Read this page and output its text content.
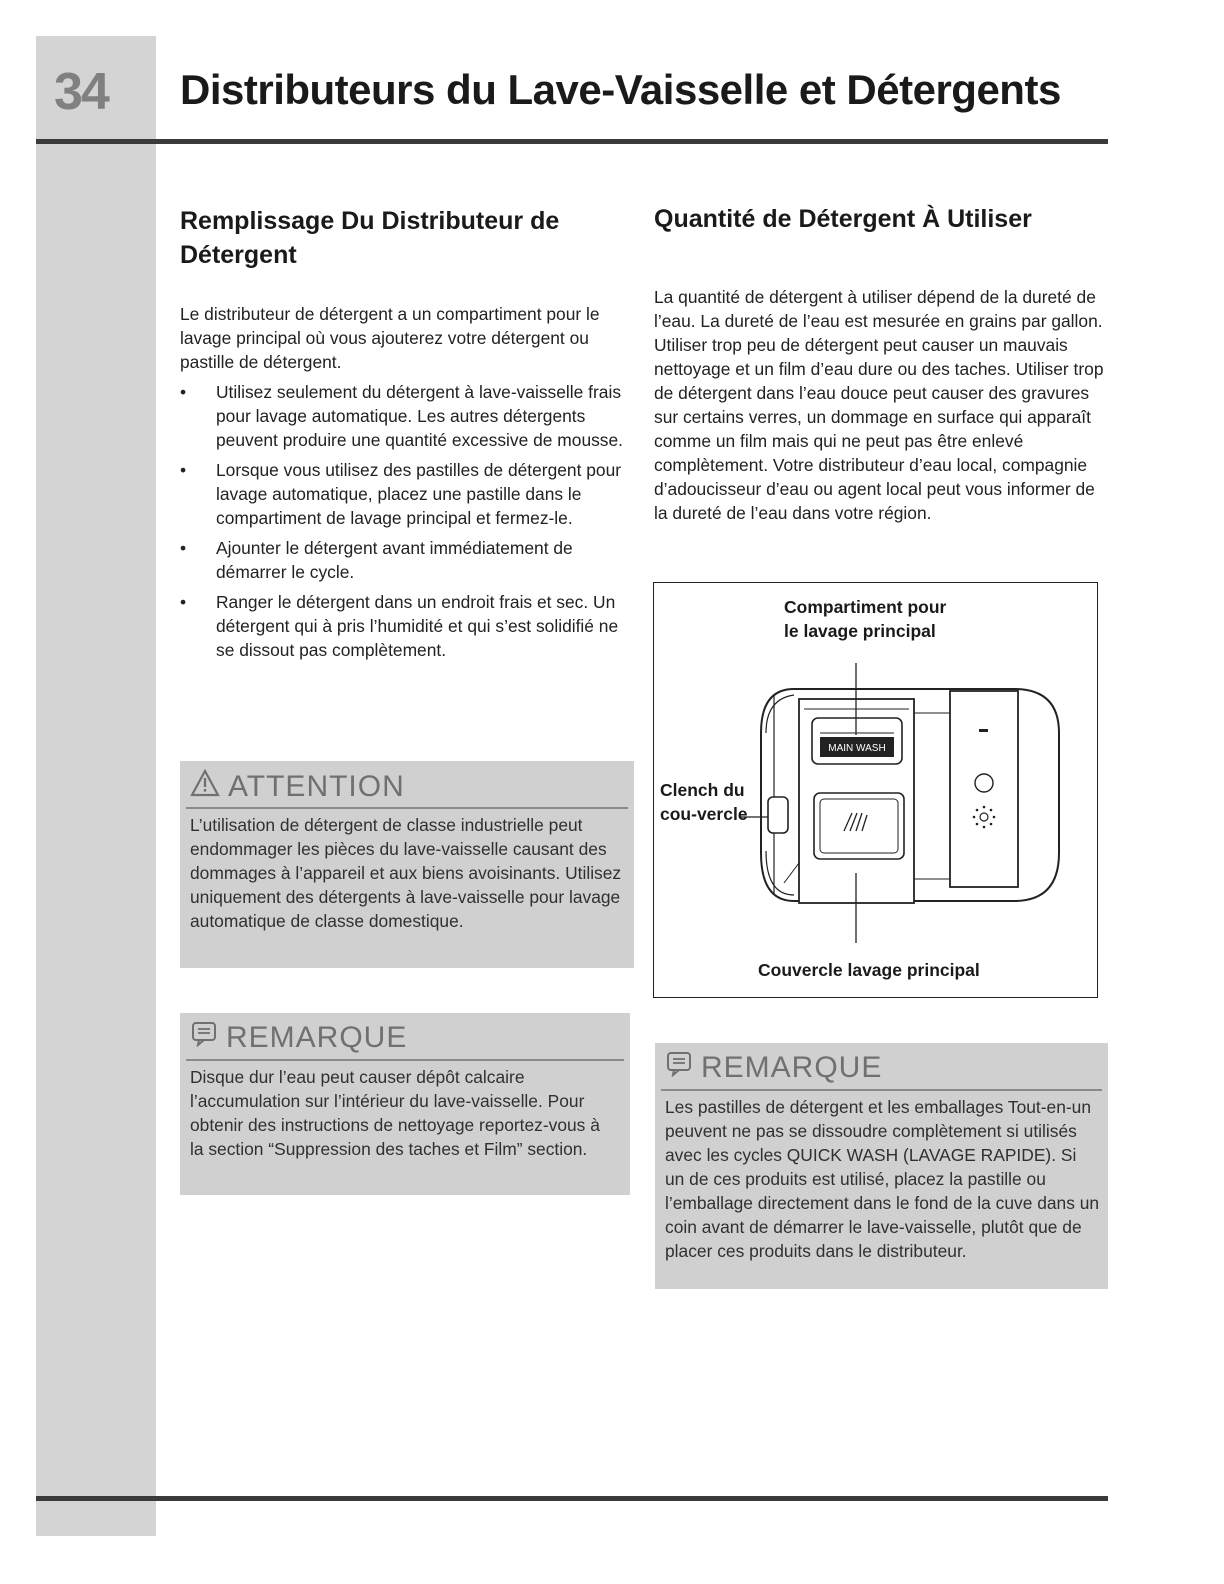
34 Distributeurs du Lave-Vaisselle et Détergents
Remplissage Du Distributeur de Détergent

Le distributeur de détergent a un compartiment pour le lavage principal où vous ajouterez votre détergent ou pastille de détergent.

• Utilisez seulement du détergent à lave-vaisselle frais pour lavage automatique. Les autres détergents peuvent produire une quantité excessive de mousse.
• Lorsque vous utilisez des pastilles de détergent pour lavage automatique, placez une pastille dans le compartiment de lavage principal et fermez-le.
• Ajounter le détergent avant immédiatement de démarrer le cycle.
• Ranger le détergent dans un endroit frais et sec. Un détergent qui à pris l’humidité et qui s’est solidifié ne se dissout pas complètement.
ATTENTION

L’utilisation de détergent de classe industrielle peut endommager les pièces du lave-vaisselle causant des dommages à l’appareil et aux biens avoisinants. Utilisez uniquement des détergents à lave-vaisselle pour lavage automatique de classe domestique.

REMARQUE

Disque dur l’eau peut causer dépôt calcaire l’accumulation sur l’intérieur du lave-vaisselle. Pour obtenir des instructions de nettoyage reportez-vous à la section “Suppression des taches et Film” section.

Quantité de Détergent À Utiliser

La quantité de détergent à utiliser dépend de la dureté de l’eau. La dureté de l’eau est mesurée en grains par gallon. Utiliser trop peu de détergent peut causer un mauvais nettoyage et un film d’eau dure ou des taches. Utiliser trop de détergent dans l’eau douce peut causer des gravures sur certains verres, un dommage en surface qui apparaît comme un film mais qui ne peut pas être enlevé complètement. Votre distributeur d’eau local, compagnie d’adoucisseur d’eau ou agent local peut vous informer de la dureté de l’eau dans votre région.

MAIN WASH
Compartiment pour le lavage principal
Clench du cou-vercle
Couvercle lavage principal
REMARQUE

Les pastilles de détergent et les emballages Tout-en-un peuvent ne pas se dissoudre complètement si utilisés avec les cycles QUICK WASH (LAVAGE RAPIDE). Si un de ces produits est utilisé, placez la pastille ou l’emballage directement dans le fond de la cuve dans un coin avant de démarrer le lave-vaisselle, plutôt que de placer ces produits dans le distributeur.
